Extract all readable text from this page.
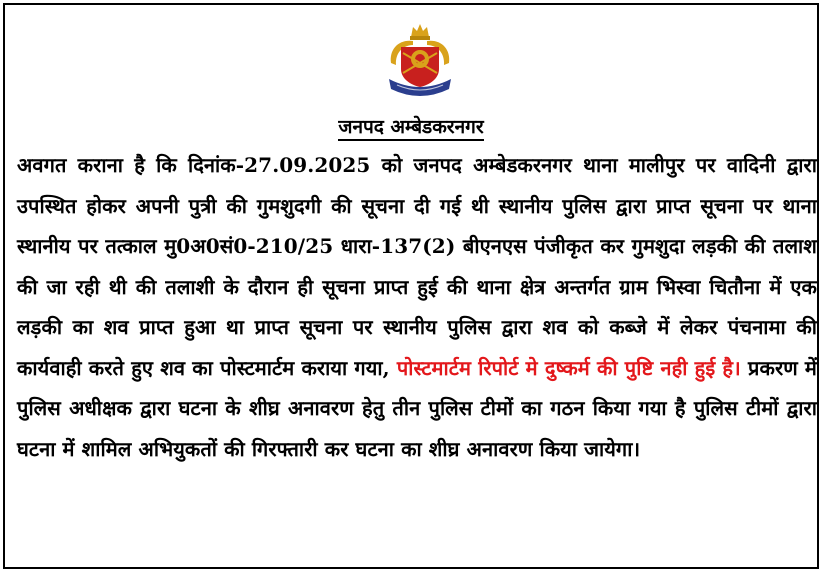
जनपद अम्बेडकरनगर
अवगत कराना है कि दिनांक-27.09.2025 को जनपद अम्बेडकरनगर थाना मालीपुर पर वादिनी द्वारा उपस्थित होकर अपनी पुत्री की गुमशुदगी की सूचना दी गई थी स्थानीय पुलिस द्वारा प्राप्त सूचना पर थाना स्थानीय पर तत्काल मु0अ0सं0-210/25 धारा-137(2) बीएनएस पंजीकृत कर गुमशुदा लड़की की तलाश की जा रही थी की तलाशी के दौरान ही सूचना प्राप्त हुई की थाना क्षेत्र अन्तर्गत ग्राम भिस्वा चितौना में एक लड़की का शव प्राप्त हुआ था प्राप्त सूचना पर स्थानीय पुलिस द्वारा शव को कब्जे में लेकर पंचनामा की कार्यवाही करते हुए शव का पोस्टमार्टम कराया गया, पोस्टमार्टम रिपोर्ट मे दुष्कर्म की पुष्टि नही हुई है। प्रकरण में पुलिस अधीक्षक द्वारा घटना के शीघ्र अनावरण हेतु तीन पुलिस टीमों का गठन किया गया है पुलिस टीमों द्वारा घटना में शामिल अभियुकतों की गिरफ्तारी कर घटना का शीघ्र अनावरण किया जायेगा।
